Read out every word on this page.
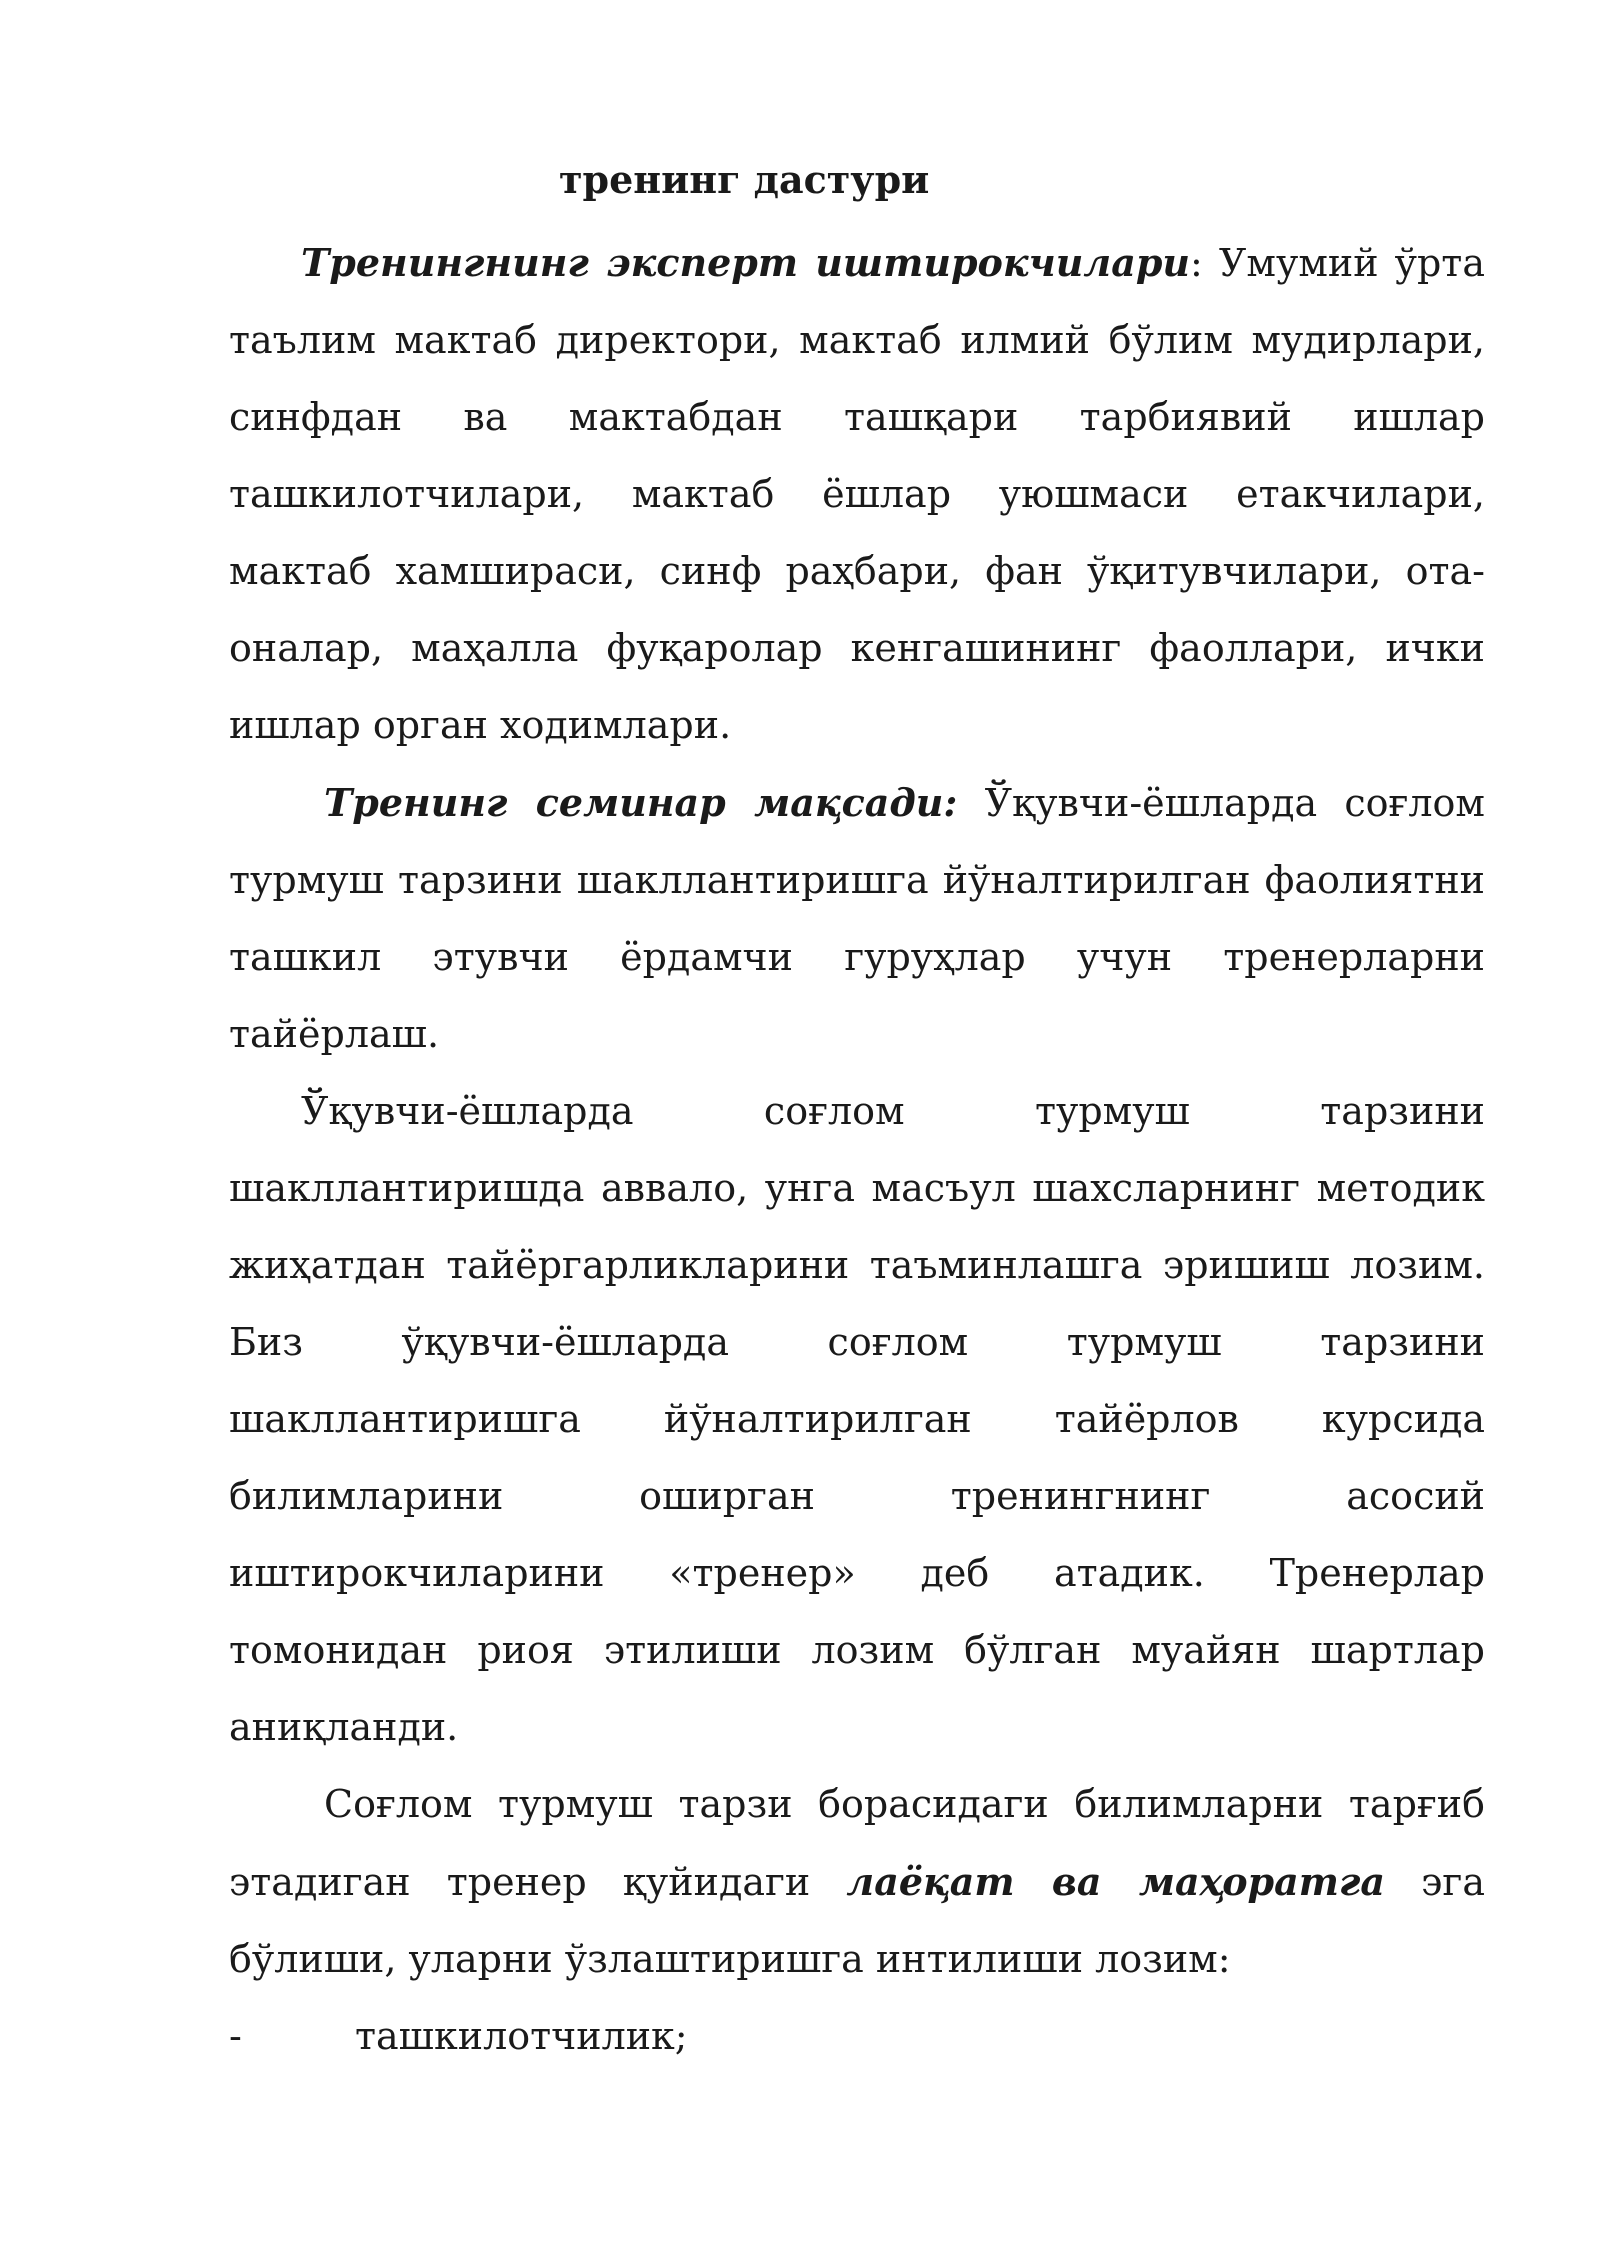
тренинг дастури

Тренингнинг эксперт иштирокчилари: Умумий ўрта таълим мактаб директори, мактаб илмий бўлим мудирлари, синфдан ва мактабдан ташқари тарбиявий ишлар ташкилотчилари, мактаб ёшлар уюшмаси етакчилари, мактаб хамшираси, синф раҳбари, фан ўқитувчилари, ота-оналар, маҳалла фуқаролар кенгашининг фаоллари, ички ишлар орган ходимлари.

Тренинг семинар мақсади: Ўқувчи-ёшларда соғлом турмуш тарзини шакллантиришга йўналтирилган фаолиятни ташкил этувчи ёрдамчи гуруҳлар учун тренерларни тайёрлаш.

Ўқувчи-ёшларда соғлом турмуш тарзини шакллантиришда аввало, унга масъул шахсларнинг методик жиҳатдан тайёргарликларини таъминлашга эришиш лозим. Биз ўқувчи-ёшларда соғлом турмуш тарзини шакллантиришга йўналтирилган тайёрлов курсида билимларини оширган тренингнинг асосий иштирокчиларини «тренер» деб атадик. Тренерлар томонидан риоя этилиши лозим бўлган муайян шартлар аниқланди.

Соғлом турмуш тарзи борасидаги билимларни тарғиб этадиган тренер қуйидаги лаёқат ва маҳоратга эга бўлиши, уларни ўзлаштиришга интилиши лозим:

-	ташкилотчилик;
